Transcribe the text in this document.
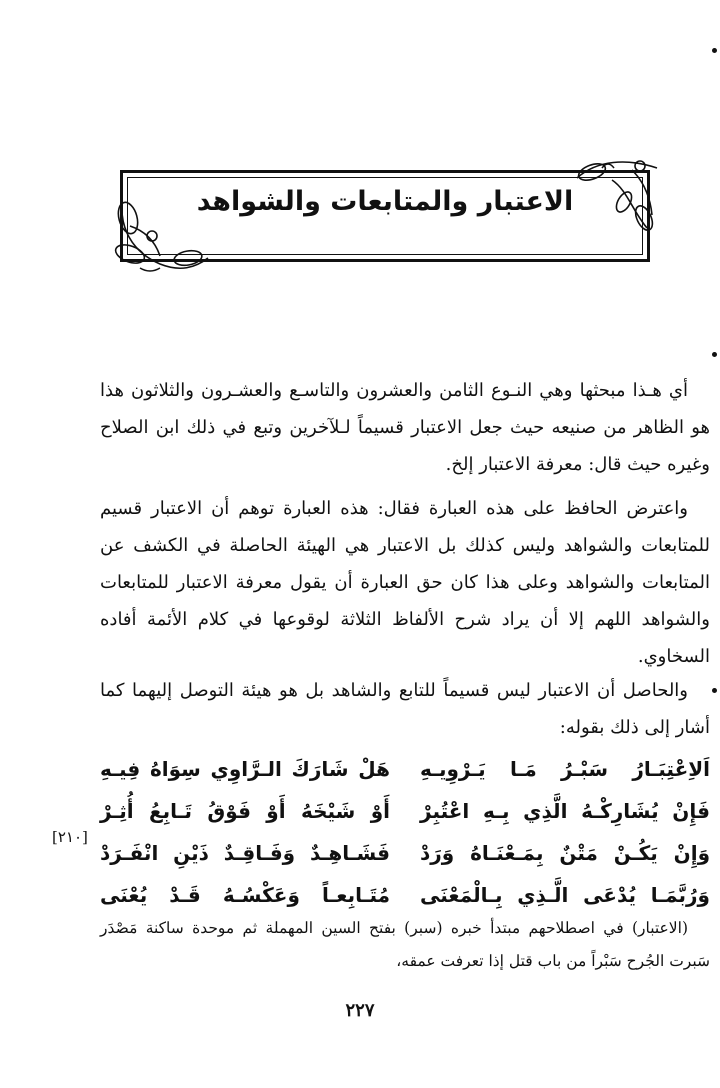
الاعتبار والمتابعات والشواهد

أي هـذا مبحثها وهي النـوع الثامن والعشرون والتاسـع والعشـرون والثلاثون هذا هو الظاهر من صنيعه حيث جعل الاعتبار قسيماً لـلآخرين وتبع في ذلك ابن الصلاح وغيره حيث قال: معرفة الاعتبار إلخ.

واعترض الحافظ على هذه العبارة فقال: هذه العبارة توهم أن الاعتبار قسيم للمتابعات والشواهد وليس كذلك بل الاعتبار هي الهيئة الحاصلة في الكشف عن المتابعات والشواهد وعلى هذا كان حق العبارة أن يقول معرفة الاعتبار للمتابعات والشواهد اللهم إلا أن يراد شرح الألفاظ الثلاثة لوقوعها في كلام الأئمة أفاده السخاوي.

والحاصل أن الاعتبار ليس قسيماً للتابع والشاهد بل هو هيئة التوصل إليهما كما أشار إلى ذلك بقوله:

اَلاِعْتِبَـارُ سَبْـرُ مَـا يَـرْوِيـهِ
هَلْ شَارَكَ الـرَّاوِي سِوَاهُ فِيـهِ
فَإِنْ يُشَارِكْـهُ الَّذِي بِـهِ اعْتُبِرْ
أَوْ شَيْخَهُ أَوْ فَوْقُ تَـابِعُ أُثِـرْ
وَإِنْ يَكُـنْ مَتْنٌ بِمَـعْنَـاهُ وَرَدْ
فَشَـاهِـدٌ وَفَـاقِـدٌ ذَيْنِ انْفَـرَدْ
وَرُبَّمَـا يُدْعَى الَّـذِي بِـالْمَعْنَى
مُتَـابِعـاً وَعَكْسُـهُ قَـدْ يُعْنَى
[٢١٠]

(الاعتبار) في اصطلاحهم مبتدأ خبره (سبر) بفتح السين المهملة ثم موحدة ساكنة مَصْدَر سَبرت الجُرح سَبْراً من باب قتل إذا تعرفت عمقه،

٢٢٧
